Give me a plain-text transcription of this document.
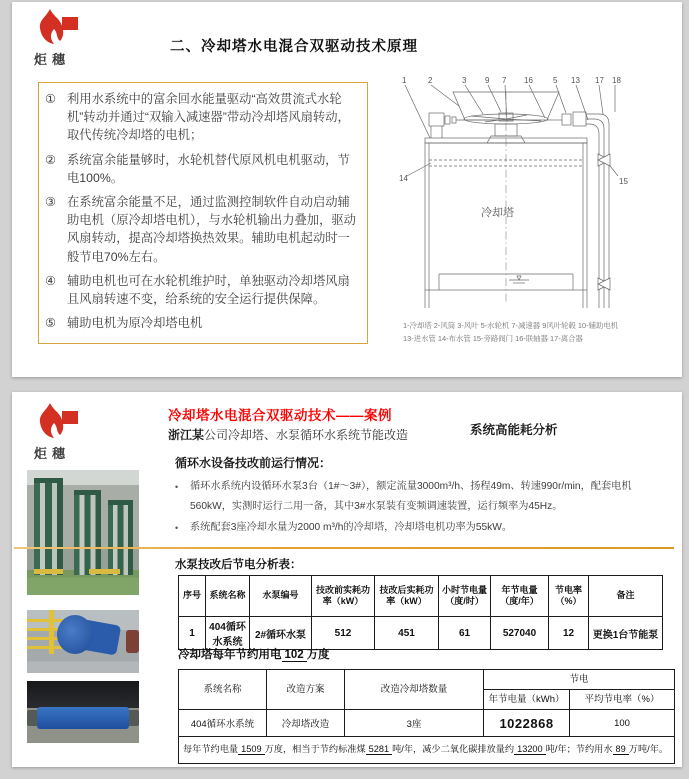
炬穗
二、冷却塔水电混合双驱动技术原理
① 利用水系统中的富余回水能量驱动“高效贯流式水轮机”转动并通过“双输入减速器”带动冷却塔风扇转动，取代传统冷却塔的电机；
② 系统富余能量够时，水轮机替代原风机电机驱动，节电100%。
③ 在系统富余能量不足，通过监测控制软件自动启动辅助电机（原冷却塔电机），与水轮机输出力叠加，驱动风扇转动，提高冷却塔换热效果。辅助电机起动时一般节电70%左右。
④ 辅助电机也可在水轮机维护时，单独驱动冷却塔风扇且风扇转速不变，给系统的安全运行提供保障。
⑤ 辅助电机为原冷却塔电机
1	2	3 9 7 16	5 13 17 18
14	15
冷却塔
1-冷却塔 2-风筒 3-风叶 5-水轮机 7-减速器 9风叶轮毂 10-辅助电机
13-进水管 14-布水管 15-旁路阀门 16-联轴器 17-离合器
炬穗
冷却塔水电混合双驱动技术——案例
浙江某公司冷却塔、水泵循环水系统节能改造	系统高能耗分析
循环水设备技改前运行情况：
•	循环水系统内设循环水泵3台（1#～3#），额定流量3000m³/h、扬程49m、转速990r/min，配套电机560kW，实测时运行二用一备，其中3#水泵装有变频调速装置，运行频率为45Hz。
•	系统配套3座冷却水量为2000 m³/h的冷却塔，冷却塔电机功率为55kW。
水泵技改后节电分析表：
序号	系统名称	水泵编号	技改前实耗功率（kW）	技改后实耗功率（kW）	小时节电量（度/时）	年节电量（度/年）	节电率（%）	备注
1	404循环水系统	2#循环水泵	512	451	61	527040	12	更换1台节能泵
冷却塔每年节约用电 102 万度
系统名称	改造方案	改造冷却塔数量	节电	
			年节电量（kWh）	平均节电率（%）
404循环水系统	冷却塔改造	3座	1022868	100
每年节约电量 1509 万度，相当于节约标准煤 5281 吨/年，减少二氧化碳排放量约 13200 吨/年；节约用水 89 万吨/年。				
